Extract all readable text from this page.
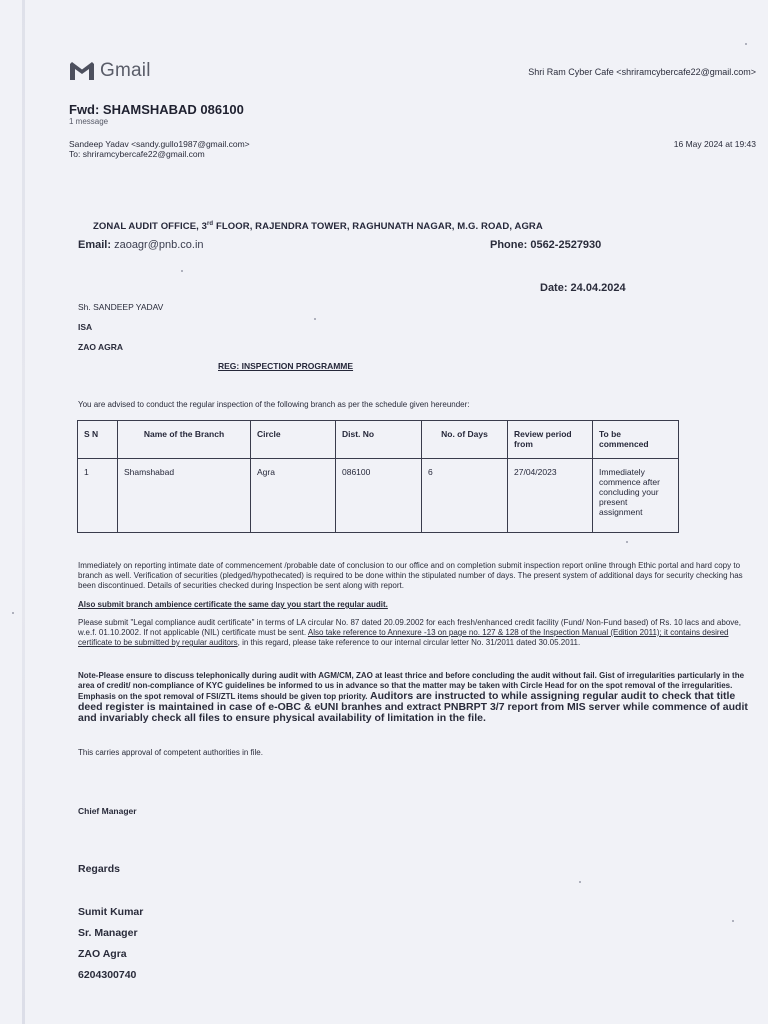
Gmail	Shri Ram Cyber Cafe <shriramcybercafe22@gmail.com>
Fwd: SHAMSHABAD 086100
1 message
Sandeep Yadav <sandy.gullo1987@gmail.com>
To: shriramcybercafe22@gmail.com
16 May 2024 at 19:43
ZONAL AUDIT OFFICE, 3rd FLOOR, RAJENDRA TOWER, RAGHUNATH NAGAR, M.G. ROAD, AGRA
Email: zaoagr@pnb.co.in	Phone: 0562-2527930
Date: 24.04.2024
Sh. SANDEEP YADAV
ISA
ZAO AGRA
REG: INSPECTION PROGRAMME
You are advised to conduct the regular inspection of the following branch as per the schedule given hereunder:
S N	Name of the Branch	Circle	Dist. No	No. of Days	Review period from	To be commenced
1	Shamshabad	Agra	086100	6	27/04/2023	Immediately commence after concluding your present assignment
Immediately on reporting intimate date of commencement /probable date of conclusion to our office and on completion submit inspection report online through Ethic portal and hard copy to branch as well. Verification of securities (pledged/hypothecated) is required to be done within the stipulated number of days. The present system of additional days for security checking has been discontinued. Details of securities checked during Inspection be sent along with report.
Also submit branch ambience certificate the same day you start the regular audit.
Please submit "Legal compliance audit certificate" in terms of LA circular No. 87 dated 20.09.2002 for each fresh/enhanced credit facility (Fund/ Non-Fund based) of Rs. 10 lacs and above, w.e.f. 01.10.2002. If not applicable (NIL) certificate must be sent. Also take reference to Annexure -13 on page no. 127 & 128 of the Inspection Manual (Edition 2011); it contains desired certificate to be submitted by regular auditors, in this regard, please take reference to our internal circular letter No. 31/2011 dated 30.05.2011.
Note-Please ensure to discuss telephonically during audit with AGM/CM, ZAO at least thrice and before concluding the audit without fail. Gist of irregularities particularly in the area of credit/ non-compliance of KYC guidelines be informed to us in advance so that the matter may be taken with Circle Head for on the spot removal of the irregularities. Emphasis on the spot removal of FSI/ZTL items should be given top priority. Auditors are instructed to while assigning regular audit to check that title deed register is maintained in case of e-OBC & eUNI branhes and extract PNBRPT 3/7 report from MIS server while commence of audit and invariably check all files to ensure physical availability of limitation in the file.
This carries approval of competent authorities in file.
Chief Manager
Regards
Sumit Kumar
Sr. Manager
ZAO Agra
6204300740
